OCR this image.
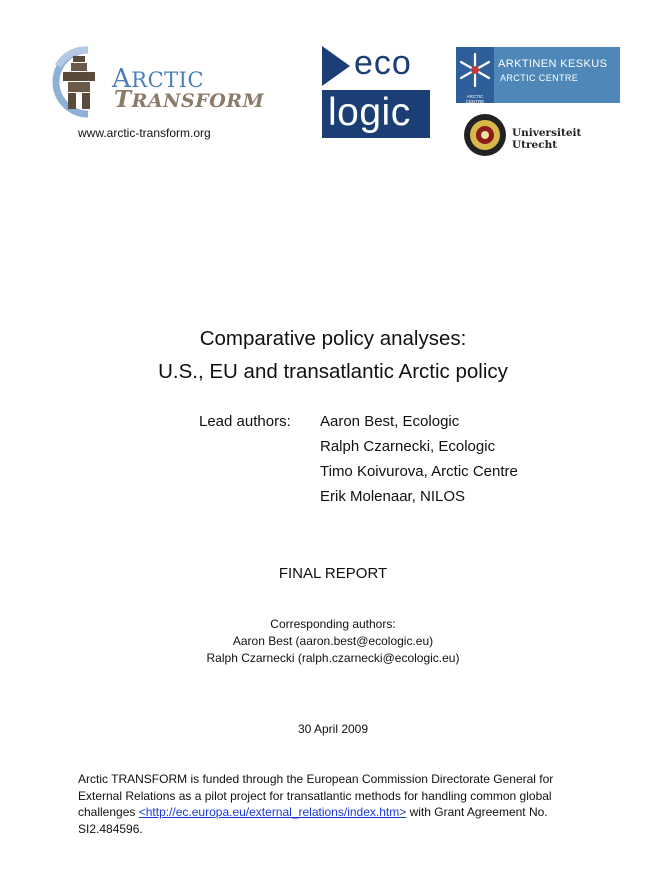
ARCTIC
TRANSFORM
www.arctic-transform.org
eco
logic	ARCTIC CENTRE
ARKTINEN KESKUS
ARCTIC CENTRE
Universiteit Utrecht
Comparative policy analyses:
U.S., EU and transatlantic Arctic policy
Lead authors: Aaron Best, Ecologic
Ralph Czarnecki, Ecologic
Timo Koivurova, Arctic Centre
Erik Molenaar, NILOS
FINAL REPORT
Corresponding authors:
Aaron Best (aaron.best@ecologic.eu)
Ralph Czarnecki (ralph.czarnecki@ecologic.eu)
30 April 2009
Arctic TRANSFORM is funded through the European Commission Directorate General for External Relations as a pilot project for transatlantic methods for handling common global challenges <http://ec.europa.eu/external_relations/index.htm> with Grant Agreement No. SI2.484596.
